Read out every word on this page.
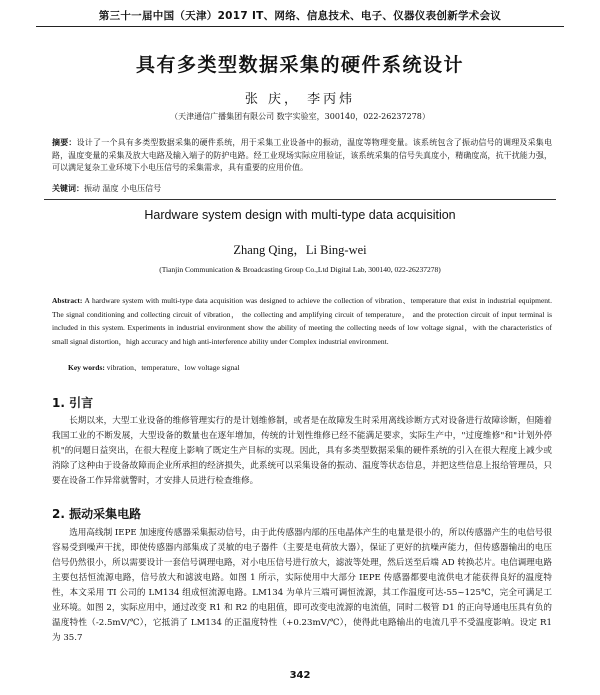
第三十一届中国（天津）2017 IT、网络、信息技术、电子、仪器仪表创新学术会议
具有多类型数据采集的硬件系统设计
张 庆， 李丙炜
（天津通信广播集团有限公司 数字实验室，300140，022-26237278）
摘要：设计了一个具有多类型数据采集的硬件系统，用于采集工业设备中的振动，温度等物理变量。该系统包含了振动信号的调理及采集电路，温度变量的采集及放大电路及输入端子的防护电路。经工业现场实际应用验证，该系统采集的信号失真度小，精确度高，抗干扰能力强，可以满足复杂工业环境下小电压信号的采集需求，具有重要的应用价值。
关键词：振动 温度 小电压信号
Hardware system design with multi-type data acquisition
Zhang Qing，Li Bing-wei
(Tianjin Communication & Broadcasting Group Co.,Ltd Digital Lab, 300140, 022-26237278)
Abstract: A hardware system with multi-type data acquisition was designed to achieve the collection of vibration、temperature that exist in industrial equipment. The signal conditioning and collecting circuit of vibration， the collecting and amplifying circuit of temperature， and the protection circuit of input terminal is included in this system. Experiments in industrial environment show the ability of meeting the collecting needs of low voltage signal，with the characteristics of small signal distortion，high accuracy and high anti-interference ability under Complex industrial environment.
Key words: vibration、temperature、low voltage signal
1. 引言
长期以来，大型工业设备的维修管理实行的是计划维修制，或者是在故障发生时采用离线诊断方式对设备进行故障诊断，但随着我国工业的不断发展，大型设备的数量也在逐年增加，传统的计划性维修已经不能满足要求，实际生产中，"过度维修"和"计划外停机"的问题日益突出，在很大程度上影响了既定生产目标的实现。因此，具有多类型数据采集的硬件系统的引入在很大程度上减少或消除了这种由于设备故障而企业所承担的经济损失，此系统可以采集设备的振动、温度等状态信息，并把这些信息上报给管理员，只要在设备工作异常就警时，才安排人员进行检查维修。
2. 振动采集电路
选用高线制 IEPE 加速度传感器采集振动信号，由于此传感器内部的压电晶体产生的电量是很小的，所以传感器产生的电信号很容易受到噪声干扰，即使传感器内部集成了灵敏的电子器件（主要是电荷放大器），保证了更好的抗噪声能力，但传感器输出的电压信号仍然很小，所以需要设计一套信号调理电路，对小电压信号进行放大，滤波等处理，然后送至后端 AD 转换芯片。电信调理电路主要包括恒流源电路，信号放大和滤波电路。如图 1 所示，实际使用中大部分 IEPE 传感器都要电流供电才能获得良好的温度特性，本文采用 TI 公司的 LM134 组成恒流源电路。LM134 为单片三端可调恒流源，其工作温度可达-55~125℃，完全可满足工业环境。如图 2，实际应用中，通过改变 R1 和 R2 的电阻值，即可改变电流源的电流值，同时二极管 D1 的正向导通电压具有负的温度特性（-2.5mV/℃），它抵消了 LM134 的正温度特性（+0.23mV/℃），使得此电路输出的电流几乎不受温度影响。设定 R1 为 35.7
342
